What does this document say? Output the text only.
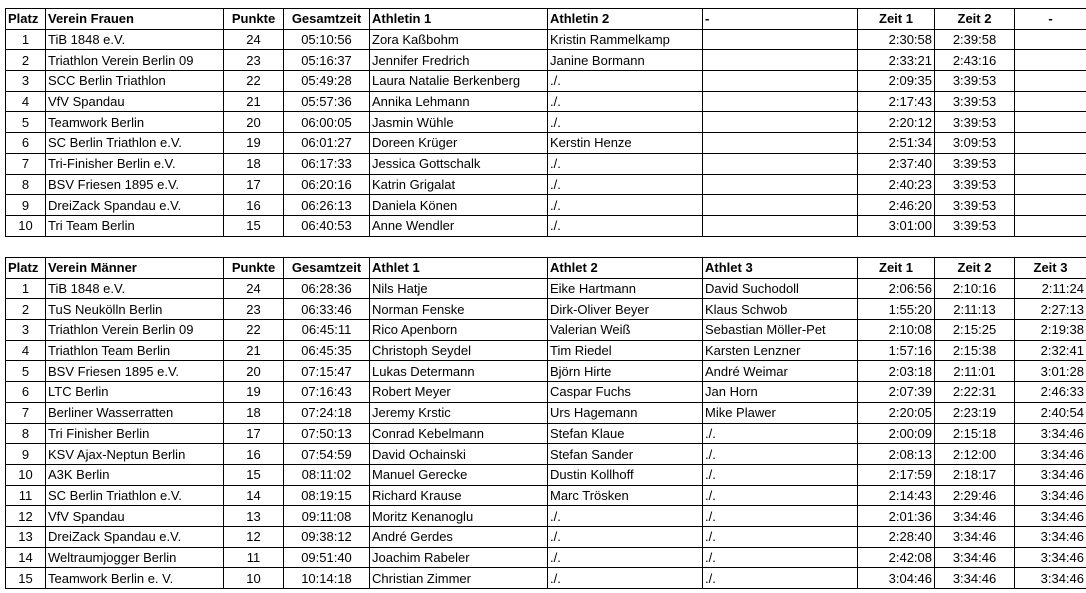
Platz	Verein Frauen	Punkte	Gesamtzeit	Athletin 1	Athletin 2	-	Zeit 1	Zeit 2	-
1	TiB 1848 e.V.	24	05:10:56	Zora Kaßbohm	Kristin Rammelkamp		2:30:58	2:39:58	
2	Triathlon Verein Berlin 09	23	05:16:37	Jennifer Fredrich	Janine Bormann		2:33:21	2:43:16	
3	SCC Berlin Triathlon	22	05:49:28	Laura Natalie Berkenberg	./.		2:09:35	3:39:53	
4	VfV Spandau	21	05:57:36	Annika Lehmann	./.		2:17:43	3:39:53	
5	Teamwork Berlin	20	06:00:05	Jasmin Wühle	./.		2:20:12	3:39:53	
6	SC Berlin Triathlon e.V.	19	06:01:27	Doreen Krüger	Kerstin Henze		2:51:34	3:09:53	
7	Tri-Finisher Berlin e.V.	18	06:17:33	Jessica Gottschalk	./.		2:37:40	3:39:53	
8	BSV Friesen 1895 e.V.	17	06:20:16	Katrin Grigalat	./.		2:40:23	3:39:53	
9	DreiZack Spandau e.V.	16	06:26:13	Daniela Könen	./.		2:46:20	3:39:53	
10	Tri Team Berlin	15	06:40:53	Anne Wendler	./.		3:01:00	3:39:53	
Platz	Verein Männer	Punkte	Gesamtzeit	Athlet 1	Athlet 2	Athlet 3	Zeit 1	Zeit 2	Zeit 3
1	TiB 1848 e.V.	24	06:28:36	Nils Hatje	Eike Hartmann	David Suchodoll	2:06:56	2:10:16	2:11:24
2	TuS Neukölln Berlin	23	06:33:46	Norman Fenske	Dirk-Oliver Beyer	Klaus Schwob	1:55:20	2:11:13	2:27:13
3	Triathlon Verein Berlin 09	22	06:45:11	Rico Apenborn	Valerian Weiß	Sebastian Möller-Pet	2:10:08	2:15:25	2:19:38
4	Triathlon Team Berlin	21	06:45:35	Christoph Seydel	Tim Riedel	Karsten Lenzner	1:57:16	2:15:38	2:32:41
5	BSV Friesen 1895 e.V.	20	07:15:47	Lukas Determann	Björn Hirte	André Weimar	2:03:18	2:11:01	3:01:28
6	LTC Berlin	19	07:16:43	Robert Meyer	Caspar Fuchs	Jan Horn	2:07:39	2:22:31	2:46:33
7	Berliner Wasserratten	18	07:24:18	Jeremy Krstic	Urs Hagemann	Mike Plawer	2:20:05	2:23:19	2:40:54
8	Tri Finisher Berlin	17	07:50:13	Conrad Kebelmann	Stefan Klaue	./.	2:00:09	2:15:18	3:34:46
9	KSV Ajax-Neptun Berlin	16	07:54:59	David Ochainski	Stefan Sander	./.	2:08:13	2:12:00	3:34:46
10	A3K Berlin	15	08:11:02	Manuel Gerecke	Dustin Kollhoff	./.	2:17:59	2:18:17	3:34:46
11	SC Berlin Triathlon e.V.	14	08:19:15	Richard Krause	Marc Trösken	./.	2:14:43	2:29:46	3:34:46
12	VfV Spandau	13	09:11:08	Moritz Kenanoglu	./.	./.	2:01:36	3:34:46	3:34:46
13	DreiZack Spandau e.V.	12	09:38:12	André Gerdes	./.	./.	2:28:40	3:34:46	3:34:46
14	Weltraumjogger Berlin	11	09:51:40	Joachim Rabeler	./.	./.	2:42:08	3:34:46	3:34:46
15	Teamwork Berlin e. V.	10	10:14:18	Christian Zimmer	./.	./.	3:04:46	3:34:46	3:34:46
